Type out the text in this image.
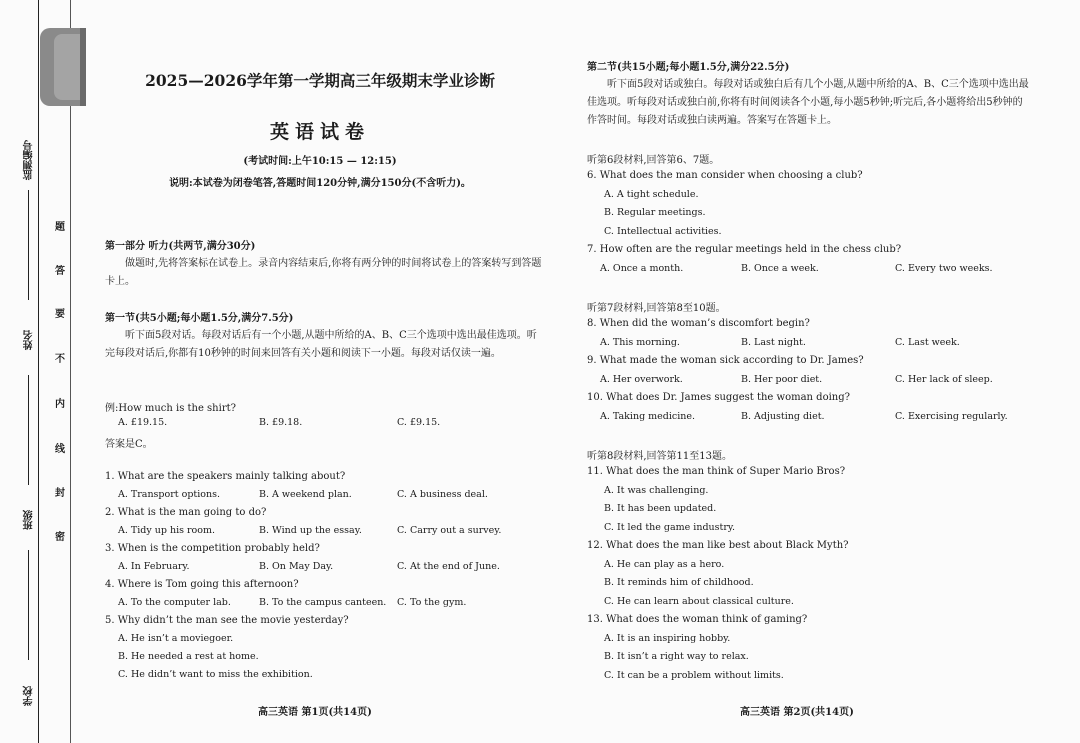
监测编号
姓名
班级
学校
题
答
要
不
内
线
封
密
2025—2026学年第一学期高三年级期末学业诊断
英语试卷
(考试时间:上午10:15 — 12:15)
说明:本试卷为闭卷笔答,答题时间120分钟,满分150分(不含听力)。
第一部分 听力(共两节,满分30分)
做题时,先将答案标在试卷上。录音内容结束后,你将有两分钟的时间将试卷上的答案转写到答题卡上。
第一节(共5小题;每小题1.5分,满分7.5分)
听下面5段对话。每段对话后有一个小题,从题中所给的A、B、C三个选项中选出最佳选项。听完每段对话后,你都有10秒钟的时间来回答有关小题和阅读下一小题。每段对话仅读一遍。
例:How much is the shirt?
A. £19.15.	B. £9.18.	C. £9.15.
答案是C。
1. What are the speakers mainly talking about?
A. Transport options.	B. A weekend plan.	C. A business deal.
2. What is the man going to do?
A. Tidy up his room.	B. Wind up the essay.	C. Carry out a survey.
3. When is the competition probably held?
A. In February.	B. On May Day.	C. At the end of June.
4. Where is Tom going this afternoon?
A. To the computer lab.	B. To the campus canteen. C. To the gym.
5. Why didn’t the man see the movie yesterday?
A. He isn’t a moviegoer.
B. He needed a rest at home.
C. He didn’t want to miss the exhibition.
高三英语 第1页(共14页)
第二节(共15小题;每小题1.5分,满分22.5分)
听下面5段对话或独白。每段对话或独白后有几个小题,从题中所给的A、B、C三个选项中选出最佳选项。听每段对话或独白前,你将有时间阅读各个小题,每小题5秒钟;听完后,各小题将给出5秒钟的作答时间。每段对话或独白读两遍。答案写在答题卡上。
听第6段材料,回答第6、7题。
6. What does the man consider when choosing a club?
A. A tight schedule.
B. Regular meetings.
C. Intellectual activities.
7. How often are the regular meetings held in the chess club?
A. Once a month.	B. Once a week.	C. Every two weeks.
听第7段材料,回答第8至10题。
8. When did the woman’s discomfort begin?
A. This morning.	B. Last night.	C. Last week.
9. What made the woman sick according to Dr. James?
A. Her overwork.	B. Her poor diet.	C. Her lack of sleep.
10. What does Dr. James suggest the woman doing?
A. Taking medicine.	B. Adjusting diet.	C. Exercising regularly.
听第8段材料,回答第11至13题。
11. What does the man think of Super Mario Bros?
A. It was challenging.
B. It has been updated.
C. It led the game industry.
12. What does the man like best about Black Myth?
A. He can play as a hero.
B. It reminds him of childhood.
C. He can learn about classical culture.
13. What does the woman think of gaming?
A. It is an inspiring hobby.
B. It isn’t a right way to relax.
C. It can be a problem without limits.
高三英语 第2页(共14页)
